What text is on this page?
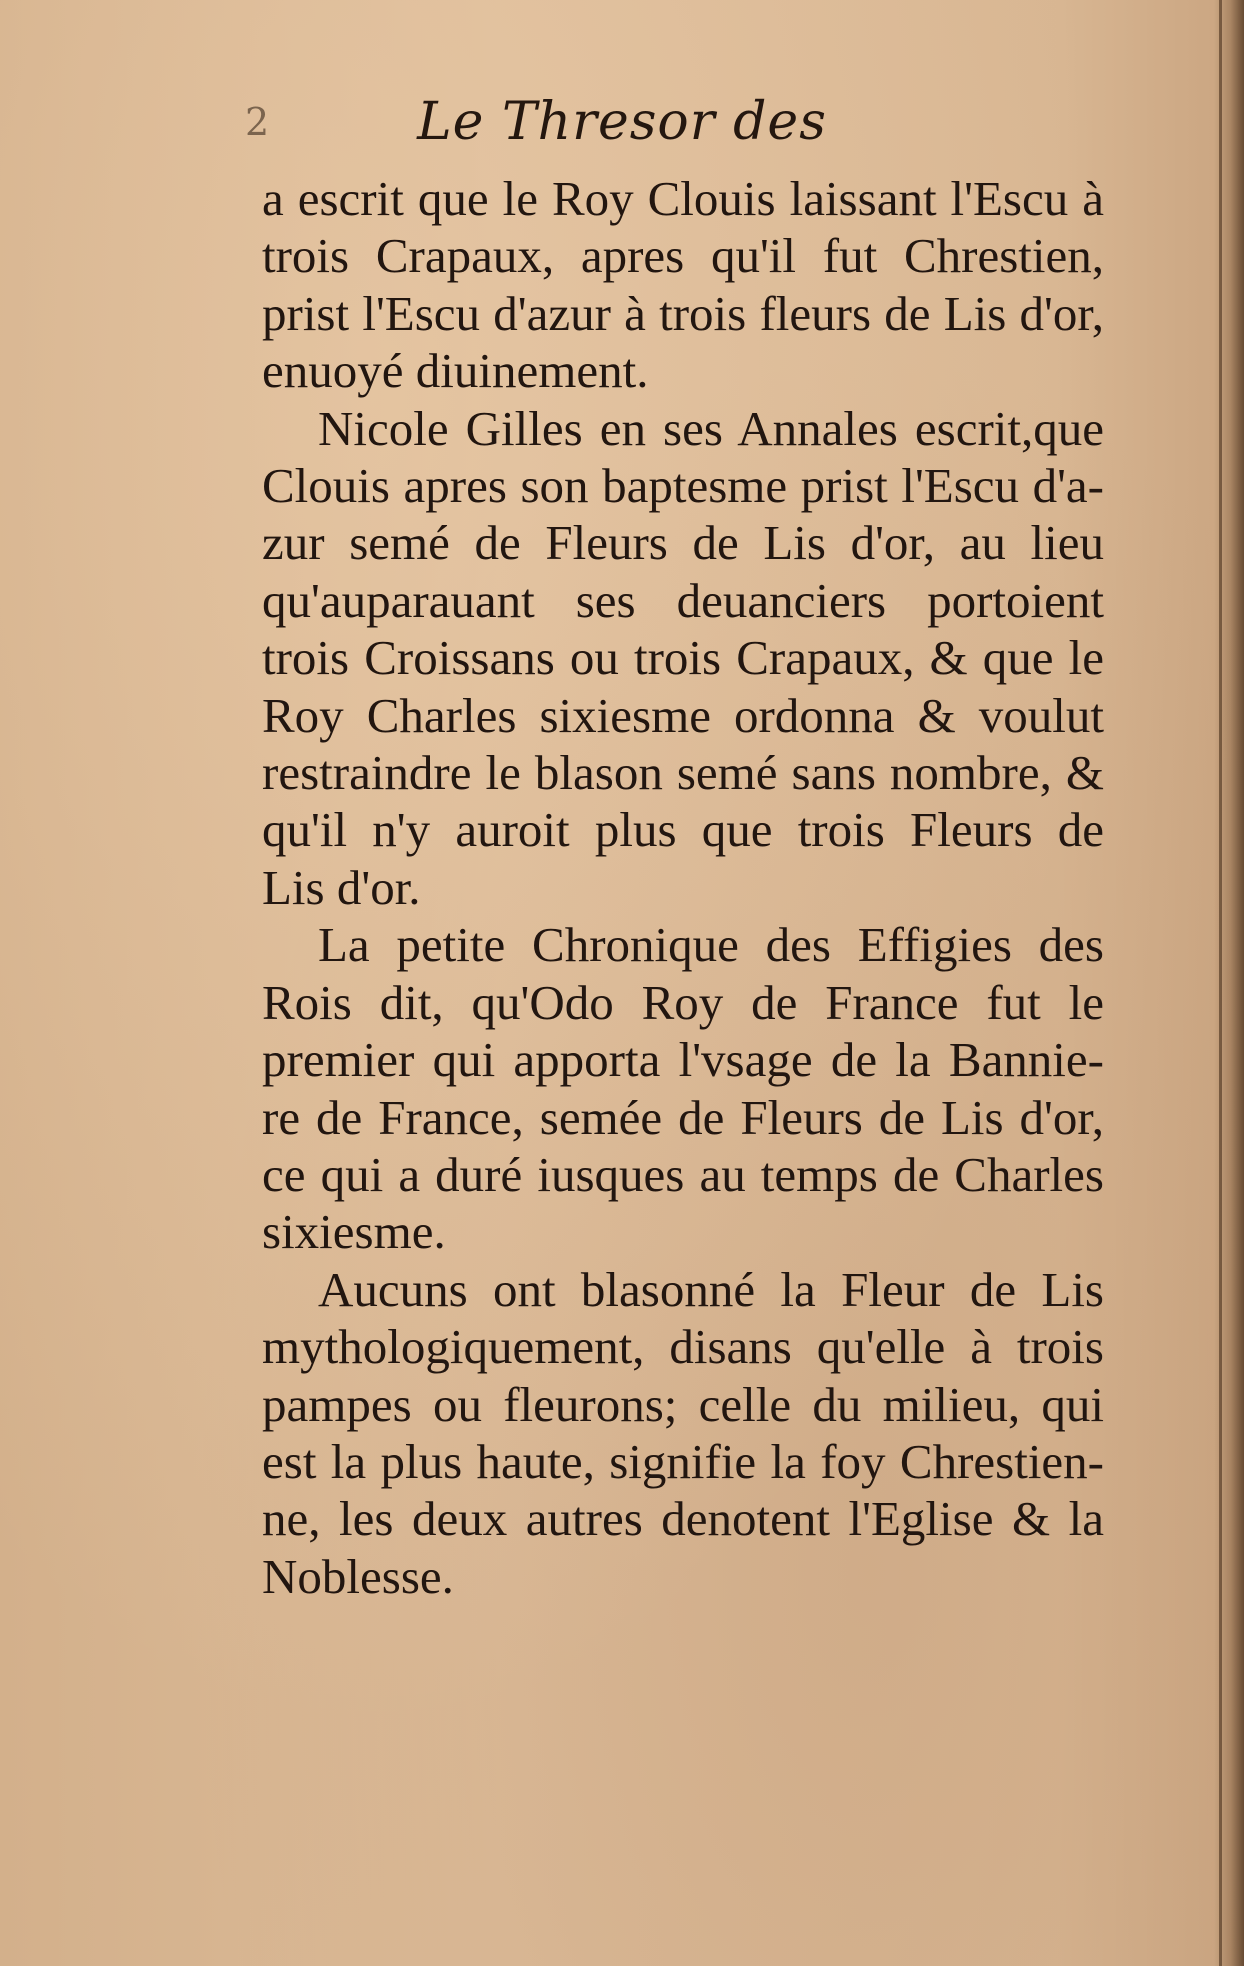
2	Le Thresor des
a escrit que le Roy Clouis laissant l'Escu à
trois Crapaux, apres qu'il fut Chrestien,
prist l'Escu d'azur à trois fleurs de Lis d'or,
enuoyé diuinement.
Nicole Gilles en ses Annales escrit,que
Clouis apres son baptesme prist l'Escu d'a-
zur semé de Fleurs de Lis d'or, au lieu
qu'auparauant ses deuanciers portoient
trois Croissans ou trois Crapaux, & que le
Roy Charles sixiesme ordonna & voulut
restraindre le blason semé sans nombre, &
qu'il n'y auroit plus que trois Fleurs de
Lis d'or.
La petite Chronique des Effigies des
Rois dit, qu'Odo Roy de France fut le
premier qui apporta l'vsage de la Bannie-
re de France, semée de Fleurs de Lis d'or,
ce qui a duré iusques au temps de Charles
sixiesme.
Aucuns ont blasonné la Fleur de Lis
mythologiquement, disans qu'elle à trois
pampes ou fleurons; celle du milieu, qui
est la plus haute, signifie la foy Chrestien-
ne, les deux autres denotent l'Eglise & la
Noblesse.
